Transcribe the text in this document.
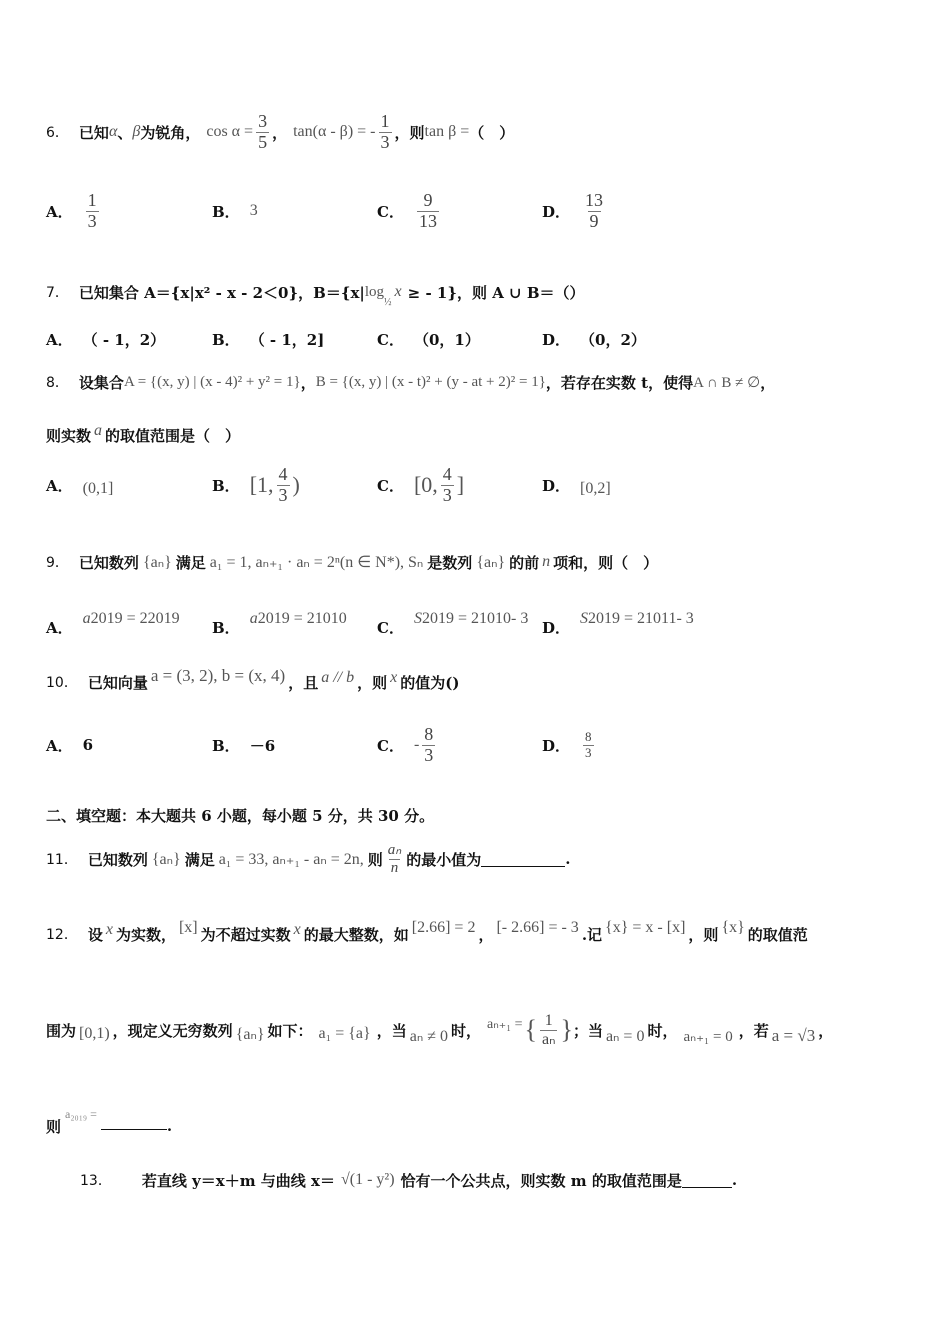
6． 已知 α 、 β 为锐角， $\cos \alpha = \frac{3}{5}$ ， tan(α - β) = - $\frac{1}{3}$ ，则 tan β = （　）
A． $\frac{1}{3}$	B． 3	C． $\frac{9}{13}$	D． $\frac{13}{9}$
7． 已知集合 A＝{x|x² - x - 2＜0}，B＝{x| log
½
x ≥ - 1}，则 A ∪ B＝（）
A． （ - 1，2）	B． （ - 1，2]	C． （0，1）	D． （0，2）
8． 设集合 A = {(x, y) | (x - 4)² + y² = 1} ， B = {(x, y) | (x - t)² + (y - at + 2)² = 1} ，若存在实数 t，使得 A ∩ B ≠ ∅ ，
则实数 a 的取值范围是（　）
A． (0,1]	B． [1, $\frac{4}{3}$ )	C． [0, $\frac{4}{3}$ ]	D． [0,2]
9． 已知数列 {aₙ} 满足 a₁ = 1, aₙ₊₁ · aₙ = 2ⁿ(n ∈ N*), Sₙ 是数列 {aₙ} 的前 n 项和，则（　）
A． a 2019 = 2 2019 B． a 2019 = 2 1010 C． S 2019 = 2 1010 - 3 D． S 2019 = 2 1011 - 3
10． 已知向量 a = (3, 2), b = (x, 4) ，且 a // b ，则 x 的值为()
A． 6	B． －6	C． - $\frac{8}{3}$	D． $\frac{8}{3}$
二、填空题：本大题共 6 小题，每小题 5 分，共 30 分。
11． 已知数列 {aₙ} 满足 a₁ = 33, aₙ₊₁ - aₙ = 2n, 则 $\frac{\text{aₙ}}{n}$ 的最小值为	.
12． 设 x 为实数， [x] 为不超过实数 x 的最大整数，如 [2.66] = 2 ， [- 2.66] = - 3 .记 {x} = x - [x] ，则 {x} 的取值范
围为 [0,1) ，现定义无穷数列 {aₙ} 如下： a₁ = {a} ，当 aₙ ≠ 0 时， aₙ₊₁ = { $\frac{1}{\text{aₙ}}$ } ；当 aₙ = 0 时， aₙ₊₁ = 0 ，若 a = √3 ，
则
a₂₀₁₉ =
.
13． 若直线 y＝x＋m 与曲线 x＝ √(1 - y²) 恰有一个公共点，则实数 m 的取值范围是	.
